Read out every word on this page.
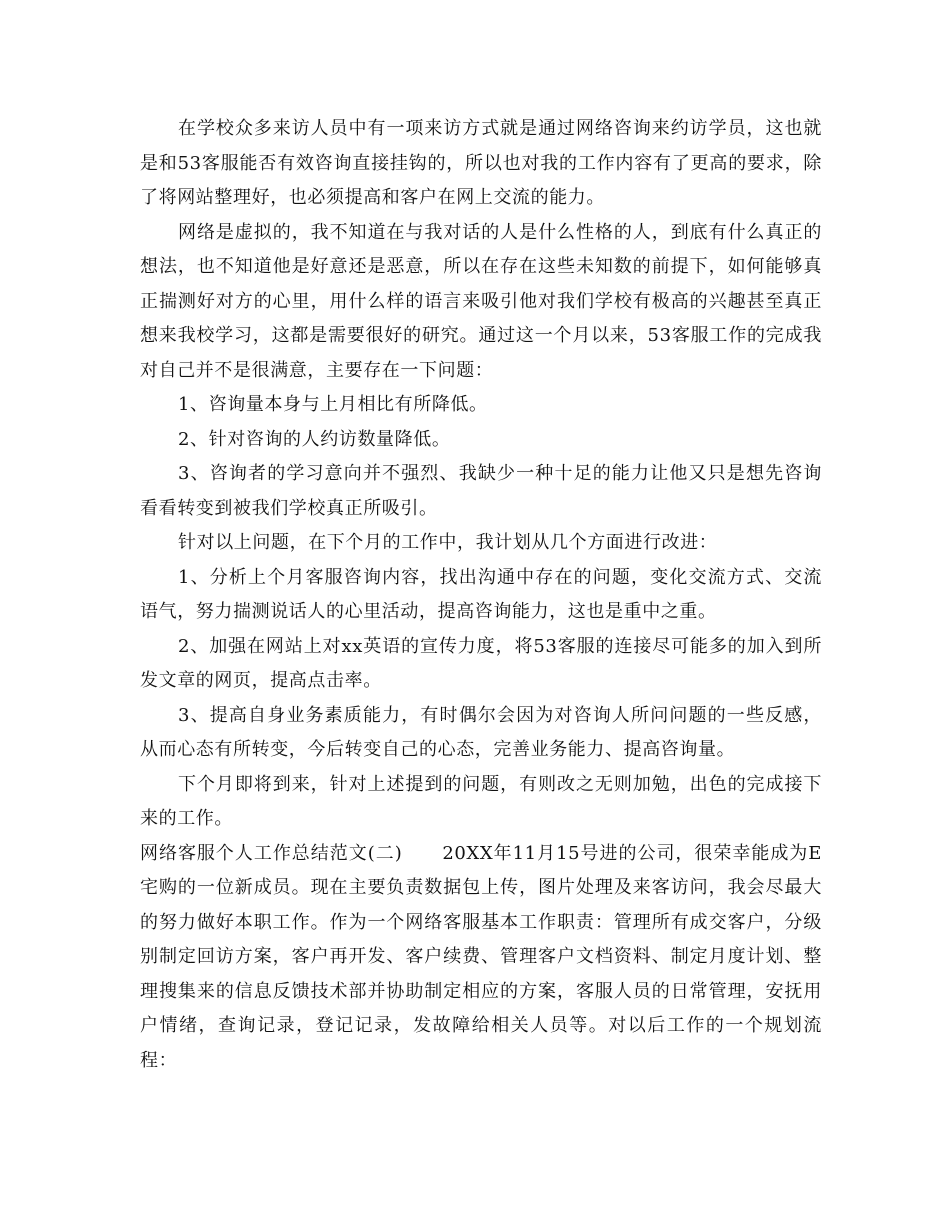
在学校众多来访人员中有一项来访方式就是通过网络咨询来约访学员，这也就是和53客服能否有效咨询直接挂钩的，所以也对我的工作内容有了更高的要求，除了将网站整理好，也必须提高和客户在网上交流的能力。

网络是虚拟的，我不知道在与我对话的人是什么性格的人，到底有什么真正的想法，也不知道他是好意还是恶意，所以在存在这些未知数的前提下，如何能够真正揣测好对方的心里，用什么样的语言来吸引他对我们学校有极高的兴趣甚至真正想来我校学习，这都是需要很好的研究。通过这一个月以来，53客服工作的完成我对自己并不是很满意，主要存在一下问题：

1、咨询量本身与上月相比有所降低。

2、针对咨询的人约访数量降低。

3、咨询者的学习意向并不强烈、我缺少一种十足的能力让他又只是想先咨询看看转变到被我们学校真正所吸引。

针对以上问题，在下个月的工作中，我计划从几个方面进行改进：

1、分析上个月客服咨询内容，找出沟通中存在的问题，变化交流方式、交流语气，努力揣测说话人的心里活动，提高咨询能力，这也是重中之重。

2、加强在网站上对xx英语的宣传力度，将53客服的连接尽可能多的加入到所发文章的网页，提高点击率。

3、提高自身业务素质能力，有时偶尔会因为对咨询人所问问题的一些反感，从而心态有所转变，今后转变自己的心态，完善业务能力、提高咨询量。

下个月即将到来，针对上述提到的问题，有则改之无则加勉，出色的完成接下来的工作。

网络客服个人工作总结范文(二) 20XX年11月15号进的公司，很荣幸能成为E宅购的一位新成员。现在主要负责数据包上传，图片处理及来客访问，我会尽最大的努力做好本职工作。作为一个网络客服基本工作职责：管理所有成交客户，分级别制定回访方案，客户再开发、客户续费、管理客户文档资料、制定月度计划、整理搜集来的信息反馈技术部并协助制定相应的方案，客服人员的日常管理，安抚用户情绪，查询记录，登记记录，发故障给相关人员等。对以后工作的一个规划流程：
